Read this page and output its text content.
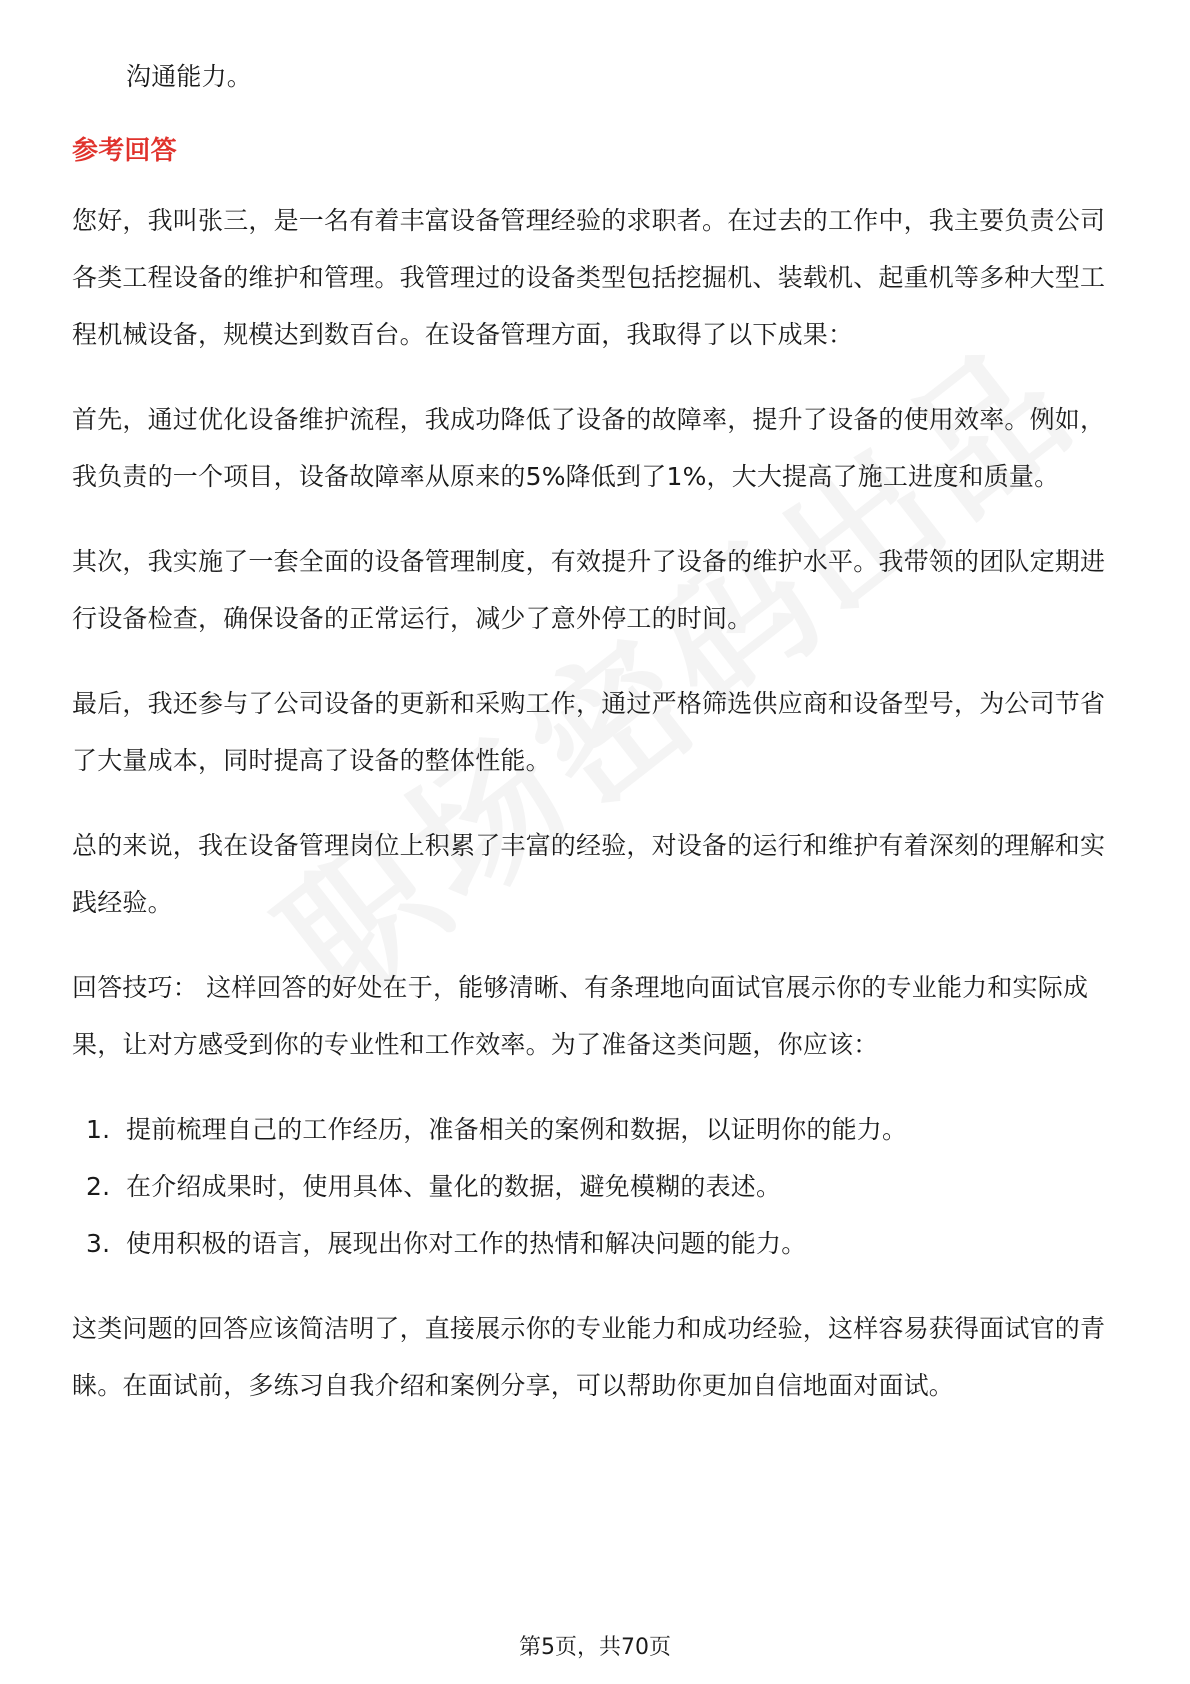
沟通能力。

参考回答

您好，我叫张三，是一名有着丰富设备管理经验的求职者。在过去的工作中，我主要负责公司各类工程设备的维护和管理。我管理过的设备类型包括挖掘机、装载机、起重机等多种大型工程机械设备，规模达到数百台。在设备管理方面，我取得了以下成果：

首先，通过优化设备维护流程，我成功降低了设备的故障率，提升了设备的使用效率。例如，我负责的一个项目，设备故障率从原来的5%降低到了1%，大大提高了施工进度和质量。

其次，我实施了一套全面的设备管理制度，有效提升了设备的维护水平。我带领的团队定期进行设备检查，确保设备的正常运行，减少了意外停工的时间。

最后，我还参与了公司设备的更新和采购工作，通过严格筛选供应商和设备型号，为公司节省了大量成本，同时提高了设备的整体性能。

总的来说，我在设备管理岗位上积累了丰富的经验，对设备的运行和维护有着深刻的理解和实践经验。

回答技巧： 这样回答的好处在于，能够清晰、有条理地向面试官展示你的专业能力和实际成果，让对方感受到你的专业性和工作效率。为了准备这类问题，你应该：

1. 提前梳理自己的工作经历，准备相关的案例和数据，以证明你的能力。
2. 在介绍成果时，使用具体、量化的数据，避免模糊的表述。
3. 使用积极的语言，展现出你对工作的热情和解决问题的能力。

这类问题的回答应该简洁明了，直接展示你的专业能力和成功经验，这样容易获得面试官的青睐。在面试前，多练习自我介绍和案例分享，可以帮助你更加自信地面对面试。

第5页，共70页
